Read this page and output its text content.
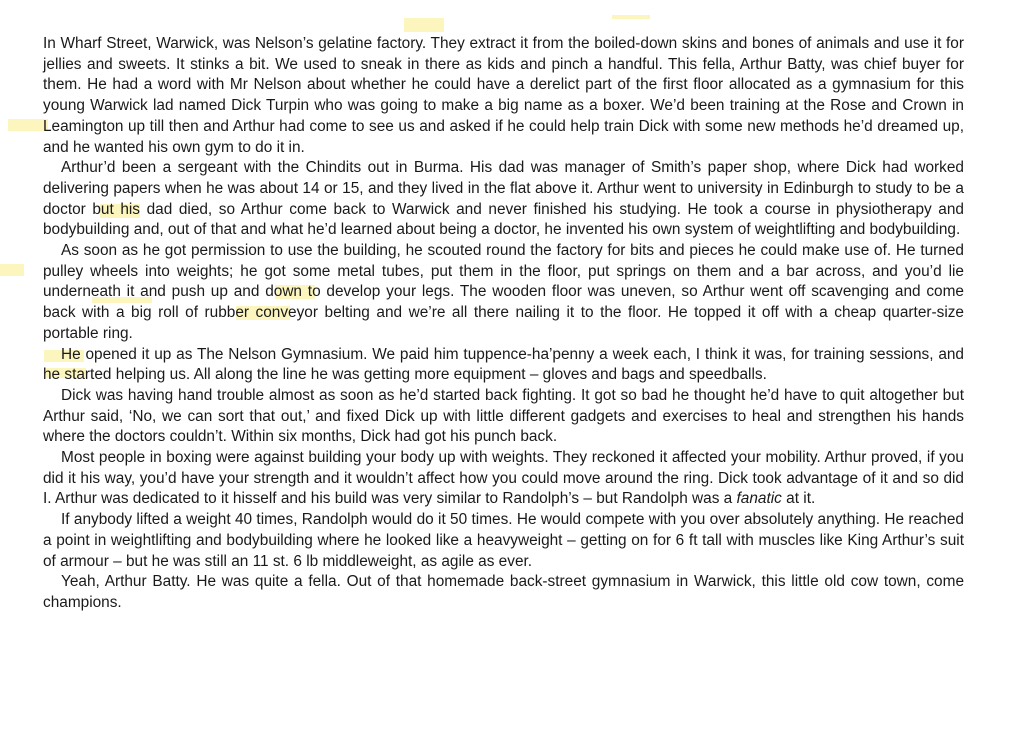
In Wharf Street, Warwick, was Nelson’s gelatine factory. They extract it from the boiled-down skins and bones of animals and use it for jellies and sweets. It stinks a bit. We used to sneak in there as kids and pinch a handful. This fella, Arthur Batty, was chief buyer for them. He had a word with Mr Nelson about whether he could have a derelict part of the first floor allocated as a gymnasium for this young Warwick lad named Dick Turpin who was going to make a big name as a boxer. We’d been training at the Rose and Crown in Leamington up till then and Arthur had come to see us and asked if he could help train Dick with some new methods he’d dreamed up, and he wanted his own gym to do it in.

Arthur’d been a sergeant with the Chindits out in Burma. His dad was manager of Smith’s paper shop, where Dick had worked delivering papers when he was about 14 or 15, and they lived in the flat above it. Arthur went to university in Edinburgh to study to be a doctor but his dad died, so Arthur come back to Warwick and never finished his studying. He took a course in physiotherapy and bodybuilding and, out of that and what he’d learned about being a doctor, he invented his own system of weightlifting and bodybuilding.

As soon as he got permission to use the building, he scouted round the factory for bits and pieces he could make use of. He turned pulley wheels into weights; he got some metal tubes, put them in the floor, put springs on them and a bar across, and you’d lie underneath it and push up and down to develop your legs. The wooden floor was uneven, so Arthur went off scavenging and come back with a big roll of rubber conveyor belting and we’re all there nailing it to the floor. He topped it off with a cheap quarter-size portable ring.

He opened it up as The Nelson Gymnasium. We paid him tuppence-ha’penny a week each, I think it was, for training sessions, and he started helping us. All along the line he was getting more equipment – gloves and bags and speedballs.

Dick was having hand trouble almost as soon as he’d started back fighting. It got so bad he thought he’d have to quit altogether but Arthur said, ‘No, we can sort that out,’ and fixed Dick up with little different gadgets and exercises to heal and strengthen his hands where the doctors couldn’t. Within six months, Dick had got his punch back.

Most people in boxing were against building your body up with weights. They reckoned it affected your mobility. Arthur proved, if you did it his way, you’d have your strength and it wouldn’t affect how you could move around the ring. Dick took advantage of it and so did I. Arthur was dedicated to it hisself and his build was very similar to Randolph’s – but Randolph was a fanatic at it.

If anybody lifted a weight 40 times, Randolph would do it 50 times. He would compete with you over absolutely anything. He reached a point in weightlifting and bodybuilding where he looked like a heavyweight – getting on for 6 ft tall with muscles like King Arthur’s suit of armour – but he was still an 11 st. 6 lb middleweight, as agile as ever.

Yeah, Arthur Batty. He was quite a fella. Out of that homemade back-street gymnasium in Warwick, this little old cow town, come champions.
